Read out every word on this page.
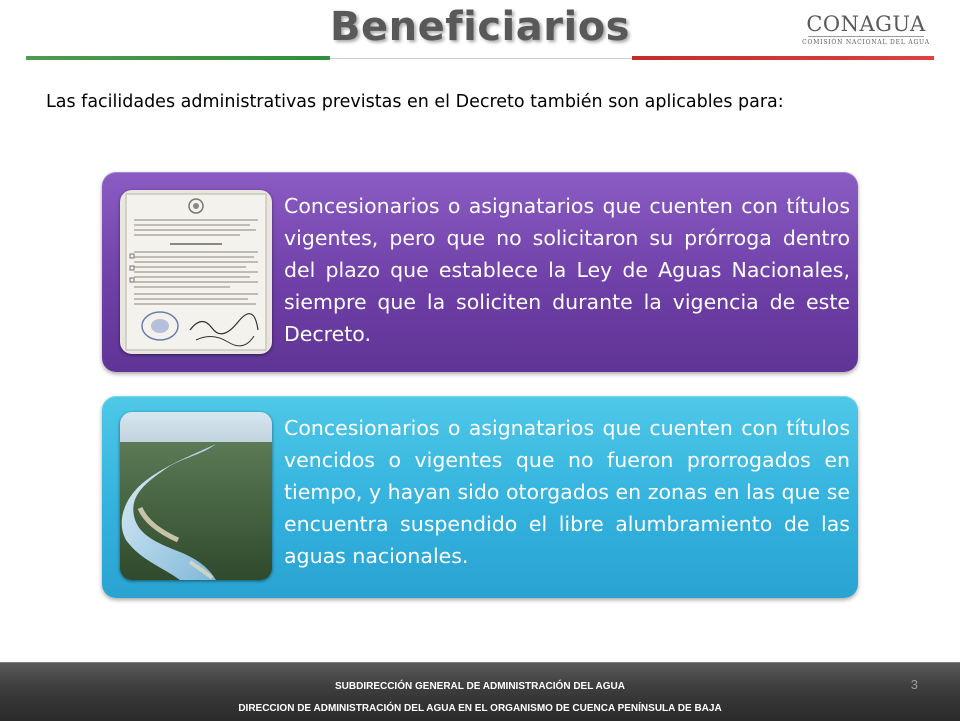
Beneficiarios	CONAGUA
COMISIÓN NACIONAL DEL AGUA
Las facilidades administrativas previstas en el Decreto también son aplicables para:
Concesionarios o asignatarios que cuenten con títulos vigentes, pero que no solicitaron su prórroga dentro del plazo que establece la Ley de Aguas Nacionales, siempre que la soliciten durante la vigencia de este Decreto.
Concesionarios o asignatarios que cuenten con títulos vencidos o vigentes que no fueron prorrogados en tiempo, y hayan sido otorgados en zonas en las que se encuentra suspendido el libre alumbramiento de las aguas nacionales.
SUBDIRECCIÓN GENERAL DE ADMINISTRACIÓN DEL AGUA
DIRECCION DE ADMINISTRACIÓN DEL AGUA EN EL ORGANISMO DE CUENCA PENÍNSULA DE BAJA
3
